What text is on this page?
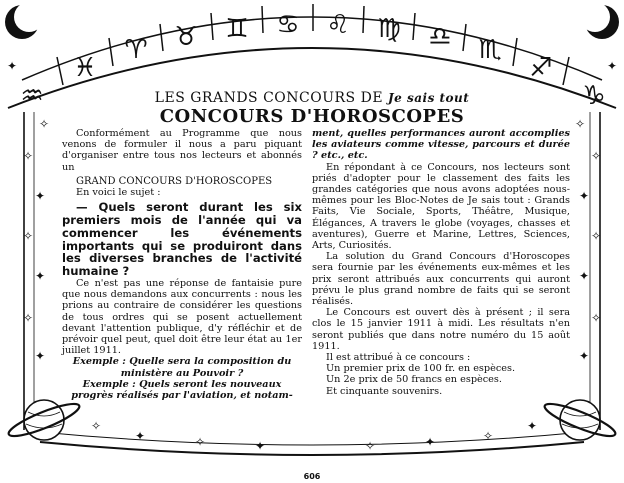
♒
♓
♈ ♉ ♊ ♋ ♌ ♍ ♎ ♏
♐
♑
✦	✦
✧	✧
✧	✧
✦	✦
✧	✧
✦	✦
✧	✧
✦	✦
✧
✦	✧	✦	✧	✦	✧
✦
LES GRANDS CONCOURS DE Je sais tout
CONCOURS D'HOROSCOPES

Conformément au Programme que nous venons de formuler il nous a paru piquant d'organiser entre tous nos lecteurs et abonnés un

GRAND CONCOURS D'HOROSCOPES

En voici le sujet :

— Quels seront durant les six premiers mois de l'année qui va commencer les événements importants qui se produiront dans les diverses branches de l'activité humaine ?

Ce n'est pas une réponse de fantaisie pure que nous demandons aux concurrents : nous les prions au contraire de considérer les questions de tous ordres qui se posent actuellement devant l'attention publique, d'y réfléchir et de prévoir quel peut, quel doit être leur état au 1er juillet 1911.

Exemple : Quelle sera la composition du ministère au Pouvoir ?

Exemple : Quels seront les nouveaux progrès réalisés par l'aviation, et notam-

ment, quelles performances auront accomplies les aviateurs comme vitesse, parcours et durée ? etc., etc.

En répondant à ce Concours, nos lecteurs sont priés d'adopter pour le classement des faits les grandes catégories que nous avons adoptées nous-mêmes pour les Bloc-Notes de Je sais tout : Grands Faits, Vie Sociale, Sports, Théâtre, Musique, Élégances, A travers le globe (voyages, chasses et aventures), Guerre et Marine, Lettres, Sciences, Arts, Curiosités.

La solution du Grand Concours d'Horoscopes sera fournie par les événements eux-mêmes et les prix seront attribués aux concurrents qui auront prévu le plus grand nombre de faits qui se seront réalisés.

Le Concours est ouvert dès à présent ; il sera clos le 15 janvier 1911 à midi. Les résultats n'en seront publiés que dans notre numéro du 15 août 1911.

Il est attribué à ce concours :

Un premier prix de 100 fr. en espèces.

Un 2e prix de 50 francs en espèces.

Et cinquante souvenirs.

606
